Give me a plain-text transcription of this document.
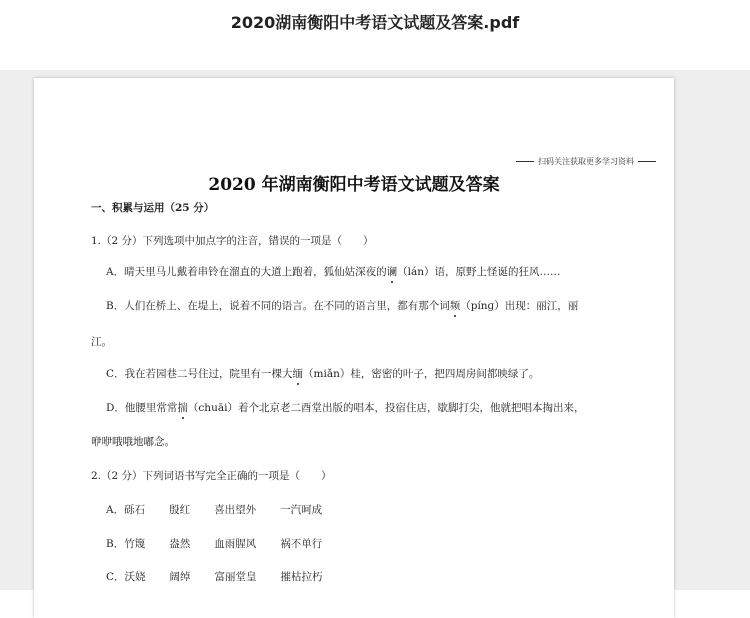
2020湖南衡阳中考语文试题及答案.pdf
扫码关注获取更多学习资料
2020 年湖南衡阳中考语文试题及答案
一、积累与运用（25 分）
1.（2 分）下列选项中加点字的注音，错误的一项是（　　）
A．晴天里马儿戴着串铃在溜直的大道上跑着，狐仙姑深夜的谰（lán）语，原野上怪诞的狂风……
B．人们在桥上、在堤上，说着不同的语言。在不同的语言里，都有那个词频（pínɡ）出现：丽江，丽
江。
C．我在若园巷二号住过，院里有一棵大缅（miǎn）桂，密密的叶子，把四周房间都映绿了。
D．他腰里常常揣（chuāi）着个北京老二酉堂出版的唱本，投宿住店，歇脚打尖，他就把唱本掏出来，
咿咿哦哦地嘟念。
2.（2 分）下列词语书写完全正确的一项是（　　）
A．砾石 殷红 喜出望外 一汽呵成
B．竹篾 盎然 血雨腥风 祸不单行
C．沃娆 阔绰 富丽堂皇 摧枯拉朽
